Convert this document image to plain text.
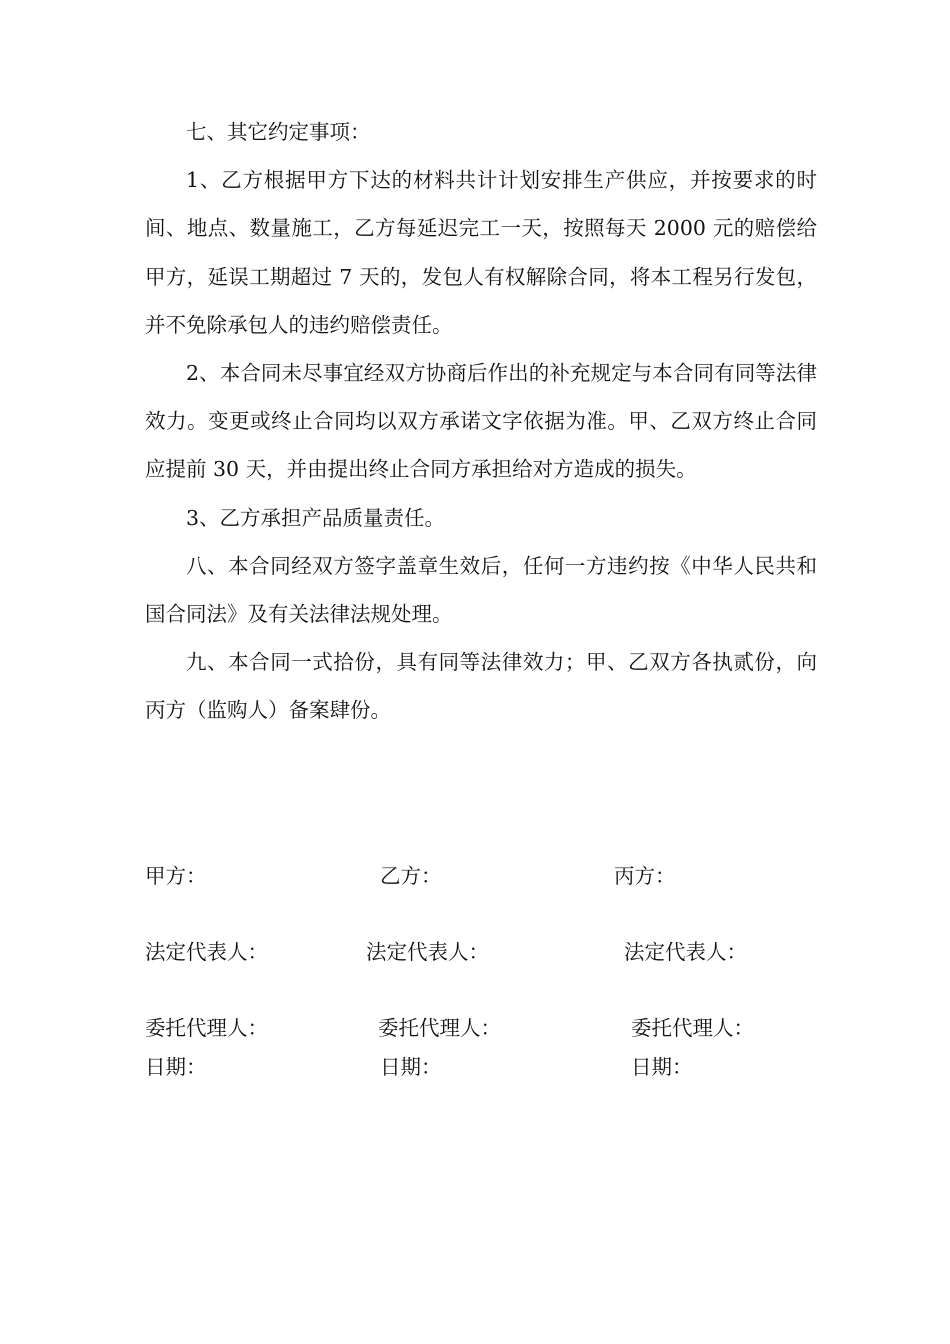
七、其它约定事项：

1、乙方根据甲方下达的材料共计计划安排生产供应，并按要求的时间、地点、数量施工，乙方每延迟完工一天，按照每天 2000 元的赔偿给甲方，延误工期超过 7 天的，发包人有权解除合同，将本工程另行发包，并不免除承包人的违约赔偿责任。

2、本合同未尽事宜经双方协商后作出的补充规定与本合同有同等法律效力。变更或终止合同均以双方承诺文字依据为准。甲、乙双方终止合同应提前 30 天，并由提出终止合同方承担给对方造成的损失。

3、乙方承担产品质量责任。

八、本合同经双方签字盖章生效后，任何一方违约按《中华人民共和国合同法》及有关法律法规处理。

九、本合同一式拾份，具有同等法律效力；甲、乙双方各执贰份，向丙方（监购人）备案肆份。

甲方：
法定代表人：
委托代理人：
日期：
乙方：
法定代表人：
委托代理人：
日期：
丙方：
法定代表人：
委托代理人：
日期：
